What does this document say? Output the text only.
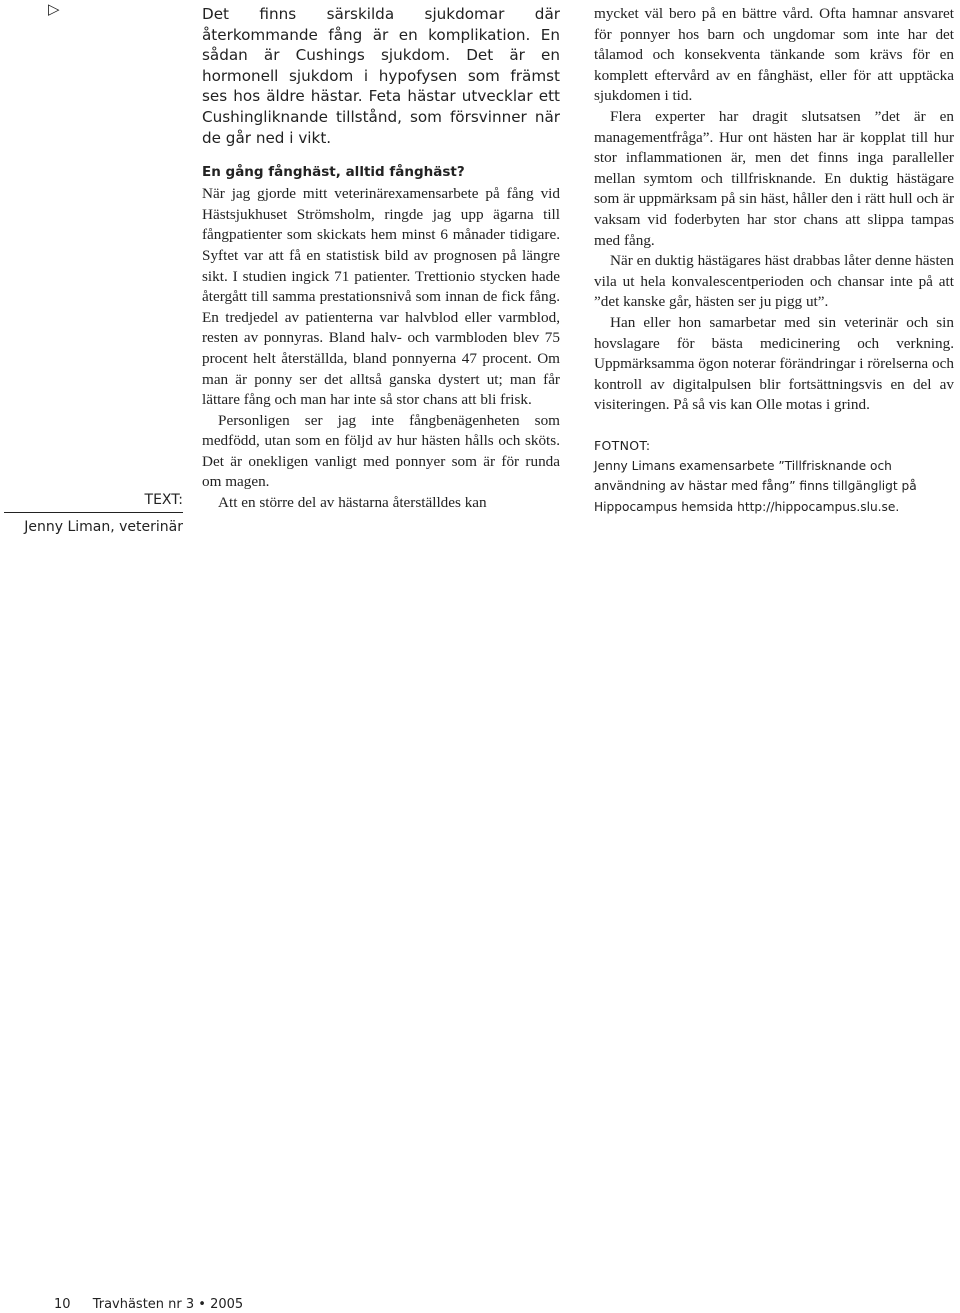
▷
TEXT:
Jenny Liman, veterinär

Det finns särskilda sjukdomar där återkommande fång är en komplikation. En sådan är Cushings sjukdom. Det är en hormonell sjukdom i hypofysen som främst ses hos äldre hästar. Feta hästar utvecklar ett Cushingliknande tillstånd, som försvinner när de går ned i vikt.

En gång fånghäst, alltid fånghäst?

När jag gjorde mitt veterinärexamensarbete på fång vid Hästsjukhuset Strömsholm, ringde jag upp ägarna till fångpatienter som skickats hem minst 6 månader tidigare. Syftet var att få en statistisk bild av prognosen på längre sikt. I studien ingick 71 patienter. Trettionio stycken hade återgått till samma prestationsnivå som innan de fick fång. En tredjedel av patienterna var halvblod eller varmblod, resten av ponnyras. Bland halv- och varmbloden blev 75 procent helt återställda, bland ponnyerna 47 procent. Om man är ponny ser det alltså ganska dystert ut; man får lättare fång och man har inte så stor chans att bli frisk.

Personligen ser jag inte fångbenägenheten som medfödd, utan som en följd av hur hästen hålls och sköts. Det är onekligen vanligt med ponnyer som är för runda om magen.

Att en större del av hästarna återställdes kan

mycket väl bero på en bättre vård. Ofta hamnar ansvaret för ponnyer hos barn och ungdomar som inte har det tålamod och konsekventa tänkande som krävs för en komplett eftervård av en fånghäst, eller för att upptäcka sjukdomen i tid.

Flera experter har dragit slutsatsen ”det är en managementfråga”. Hur ont hästen har är kopplat till hur stor inflammationen är, men det finns inga paralleller mellan symtom och tillfrisknande. En duktig hästägare som är uppmärksam på sin häst, håller den i rätt hull och är vaksam vid foderbyten har stor chans att slippa tampas med fång.

När en duktig hästägares häst drabbas låter denne hästen vila ut hela konvalescentperioden och chansar inte på att ”det kanske går, hästen ser ju pigg ut”.

Han eller hon samarbetar med sin veterinär och sin hovslagare för bästa medicinering och verkning. Uppmärksamma ögon noterar förändringar i rörelserna och kontroll av digitalpulsen blir fortsättningsvis en del av visiteringen. På så vis kan Olle motas i grind.

FOTNOT:

Jenny Limans examensarbete ”Tillfrisknande och användning av hästar med fång” finns tillgängligt på Hippocampus hemsida http://hippocampus.slu.se.

10 Travhästen nr 3 • 2005
